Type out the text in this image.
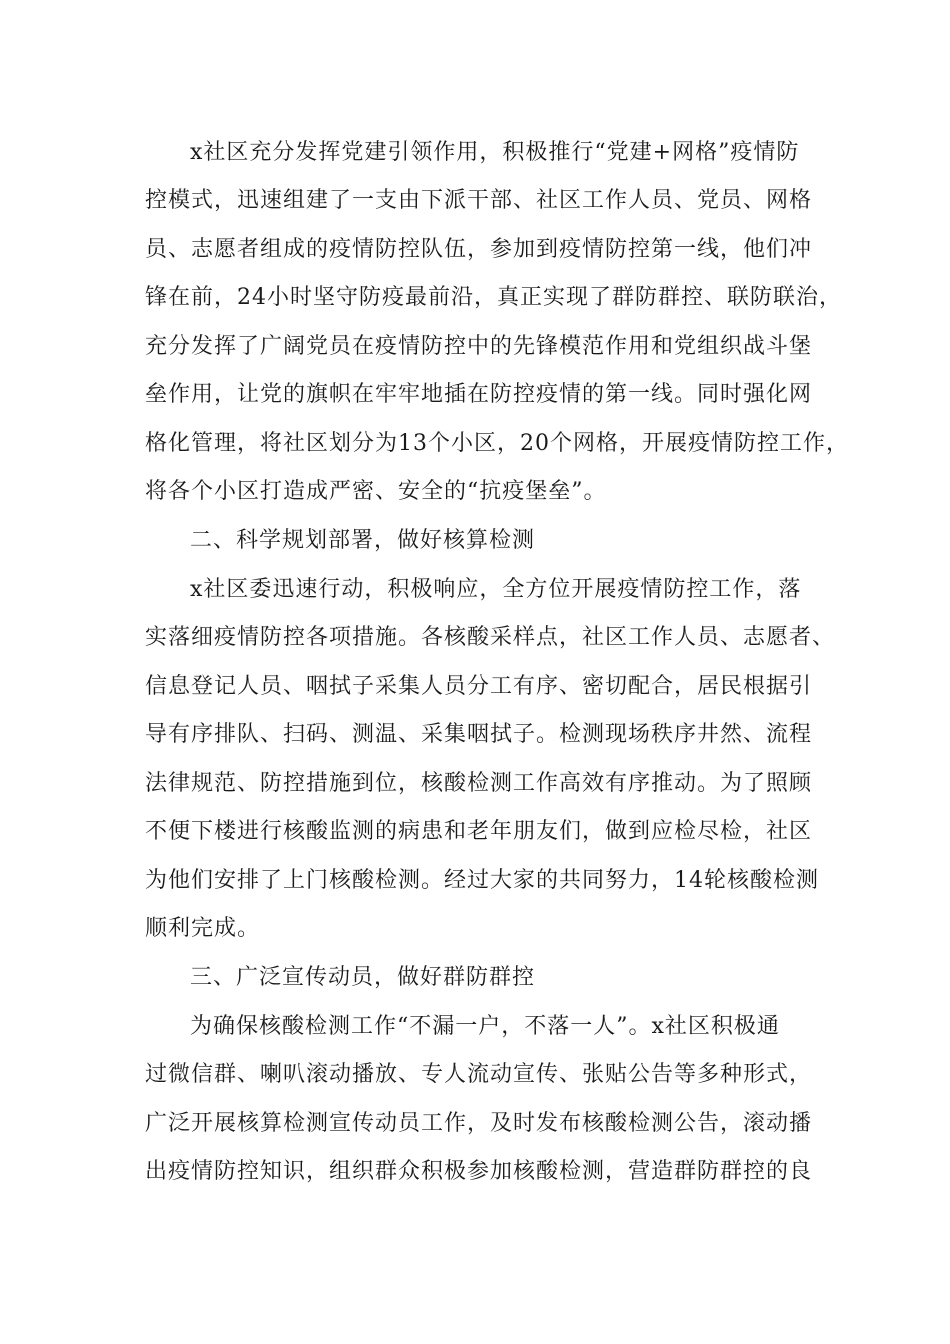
x社区充分发挥党建引领作用，积极推行“党建+网格”疫情防
控模式，迅速组建了一支由下派干部、社区工作人员、党员、网格
员、志愿者组成的疫情防控队伍，参加到疫情防控第一线，他们冲
锋在前，24小时坚守防疫最前沿，真正实现了群防群控、联防联治，
充分发挥了广阔党员在疫情防控中的先锋模范作用和党组织战斗堡
垒作用，让党的旗帜在牢牢地插在防控疫情的第一线。同时强化网
格化管理，将社区划分为13个小区，20个网格，开展疫情防控工作，
将各个小区打造成严密、安全的“抗疫堡垒”。
二、科学规划部署，做好核算检测
x社区委迅速行动，积极响应，全方位开展疫情防控工作，落
实落细疫情防控各项措施。各核酸采样点，社区工作人员、志愿者、
信息登记人员、咽拭子采集人员分工有序、密切配合，居民根据引
导有序排队、扫码、测温、采集咽拭子。检测现场秩序井然、流程
法律规范、防控措施到位，核酸检测工作高效有序推动。为了照顾
不便下楼进行核酸监测的病患和老年朋友们，做到应检尽检，社区
为他们安排了上门核酸检测。经过大家的共同努力，14轮核酸检测
顺利完成。
三、广泛宣传动员，做好群防群控
为确保核酸检测工作“不漏一户，不落一人”。x社区积极通
过微信群、喇叭滚动播放、专人流动宣传、张贴公告等多种形式，
广泛开展核算检测宣传动员工作，及时发布核酸检测公告，滚动播
出疫情防控知识，组织群众积极参加核酸检测，营造群防群控的良
